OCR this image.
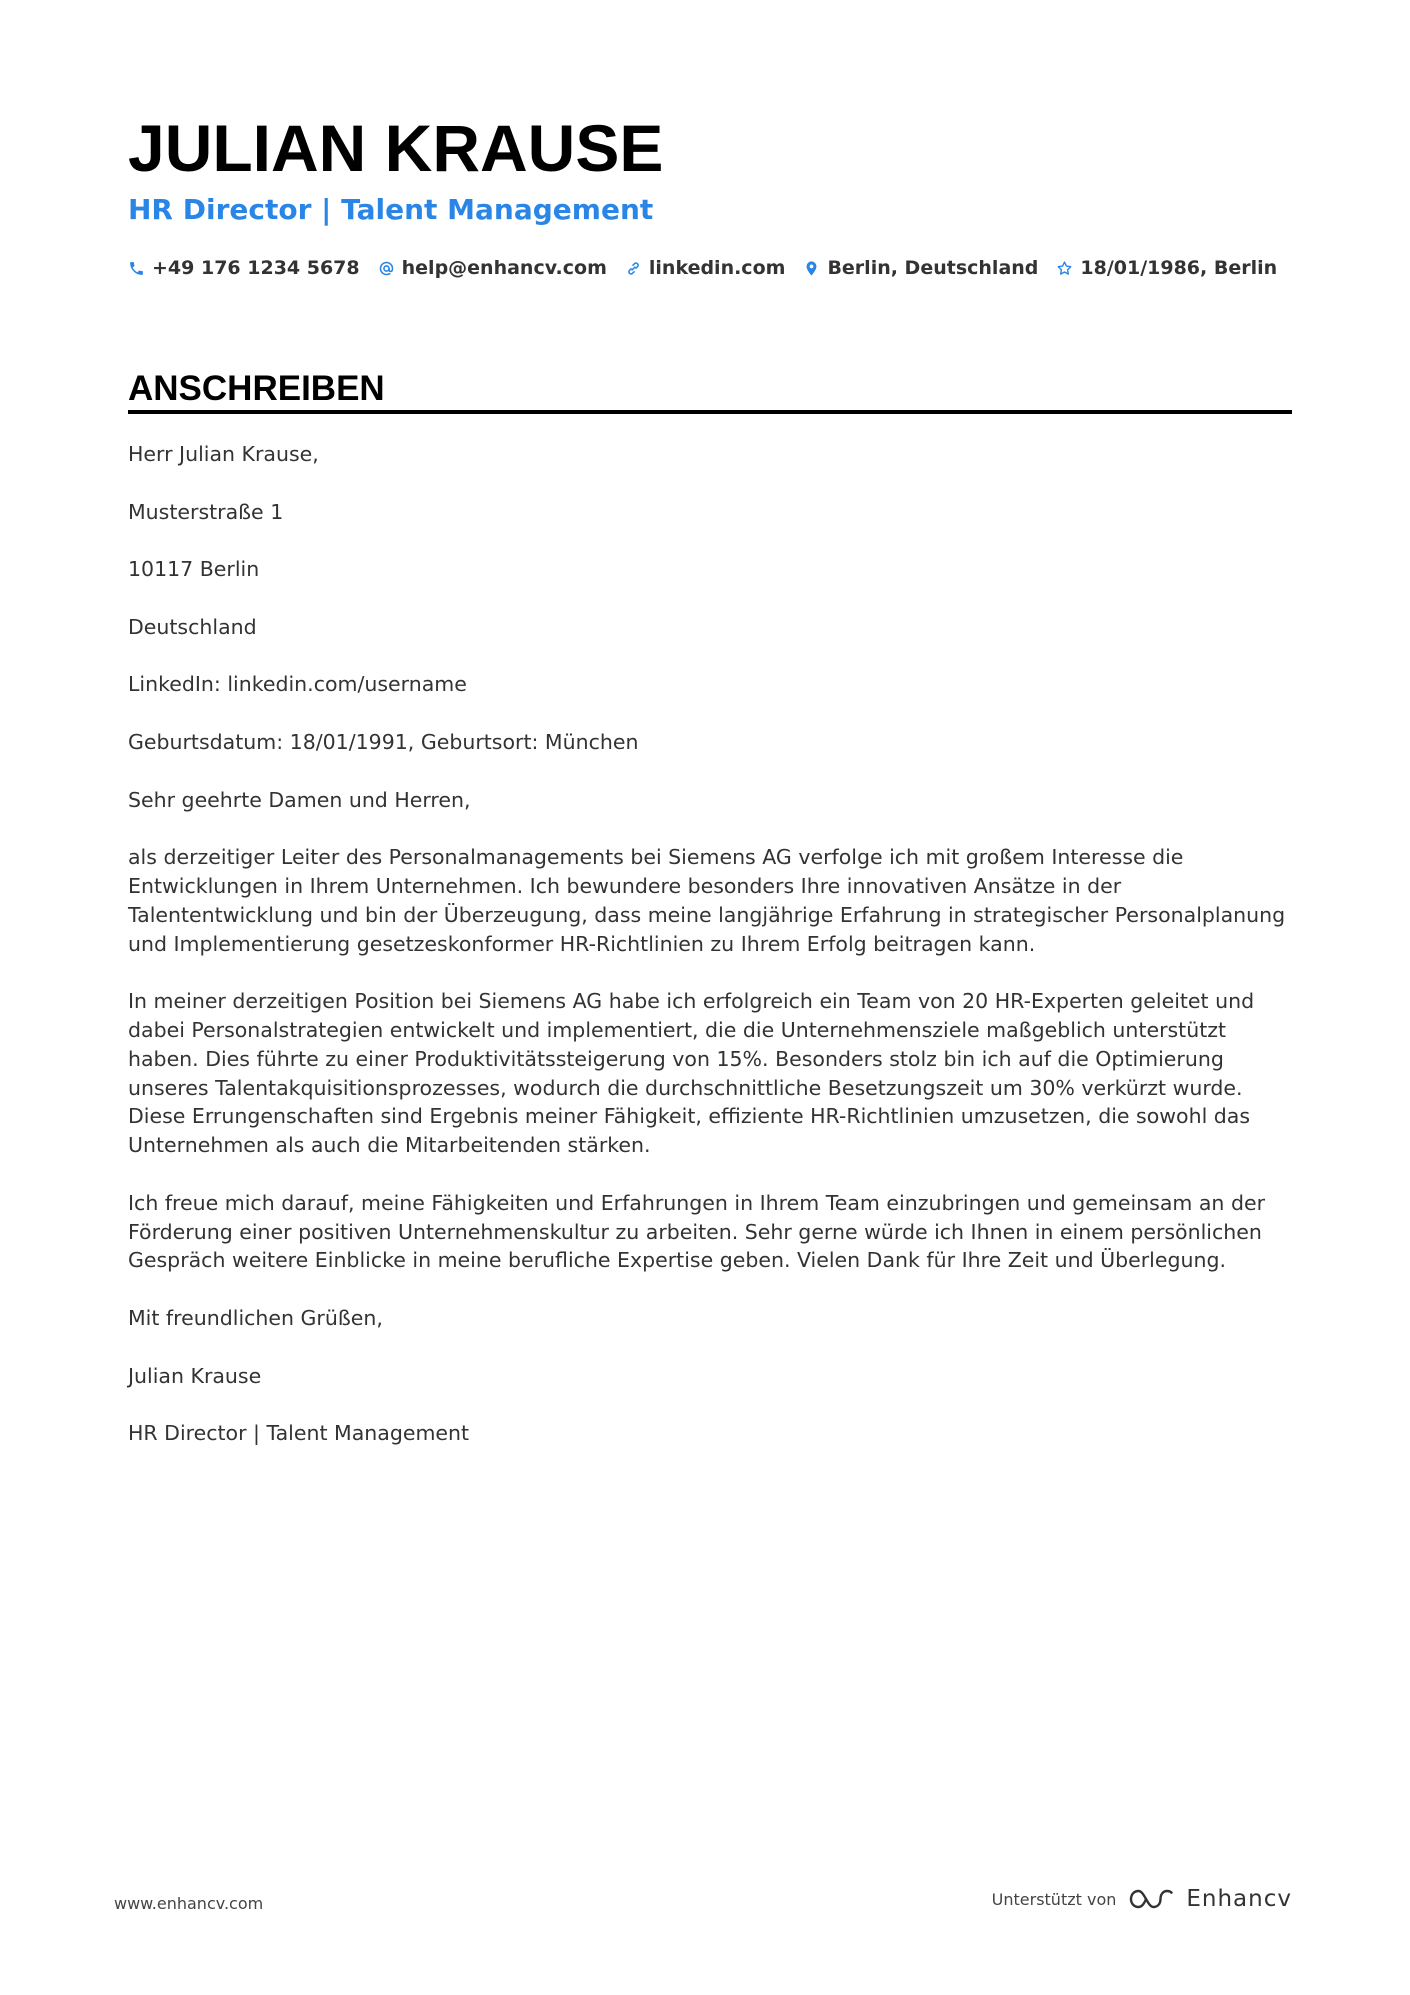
JULIAN KRAUSE
HR Director | Talent Management
+49 176 1234 5678 help@enhancv.com linkedin.com Berlin, Deutschland 18/01/1986, Berlin
ANSCHREIBEN

Herr Julian Krause,

Musterstraße 1

10117 Berlin

Deutschland

LinkedIn: linkedin.com/username

Geburtsdatum: 18/01/1991, Geburtsort: München

Sehr geehrte Damen und Herren,

als derzeitiger Leiter des Personalmanagements bei Siemens AG verfolge ich mit großem Interesse die Entwicklungen in Ihrem Unternehmen. Ich bewundere besonders Ihre innovativen Ansätze in der Talententwicklung und bin der Überzeugung, dass meine langjährige Erfahrung in strategischer Personalplanung und Implementierung gesetzeskonformer HR-Richtlinien zu Ihrem Erfolg beitragen kann.

In meiner derzeitigen Position bei Siemens AG habe ich erfolgreich ein Team von 20 HR-Experten geleitet und dabei Personalstrategien entwickelt und implementiert, die die Unternehmensziele maßgeblich unterstützt haben. Dies führte zu einer Produktivitätssteigerung von 15%. Besonders stolz bin ich auf die Optimierung unseres Talentakquisitionsprozesses, wodurch die durchschnittliche Besetzungszeit um 30% verkürzt wurde. Diese Errungenschaften sind Ergebnis meiner Fähigkeit, effiziente HR-Richtlinien umzusetzen, die sowohl das Unternehmen als auch die Mitarbeitenden stärken.

Ich freue mich darauf, meine Fähigkeiten und Erfahrungen in Ihrem Team einzubringen und gemeinsam an der Förderung einer positiven Unternehmenskultur zu arbeiten. Sehr gerne würde ich Ihnen in einem persönlichen Gespräch weitere Einblicke in meine berufliche Expertise geben. Vielen Dank für Ihre Zeit und Überlegung.

Mit freundlichen Grüßen,

Julian Krause

HR Director | Talent Management

www.enhancv.com	Unterstützt von	Enhancv
